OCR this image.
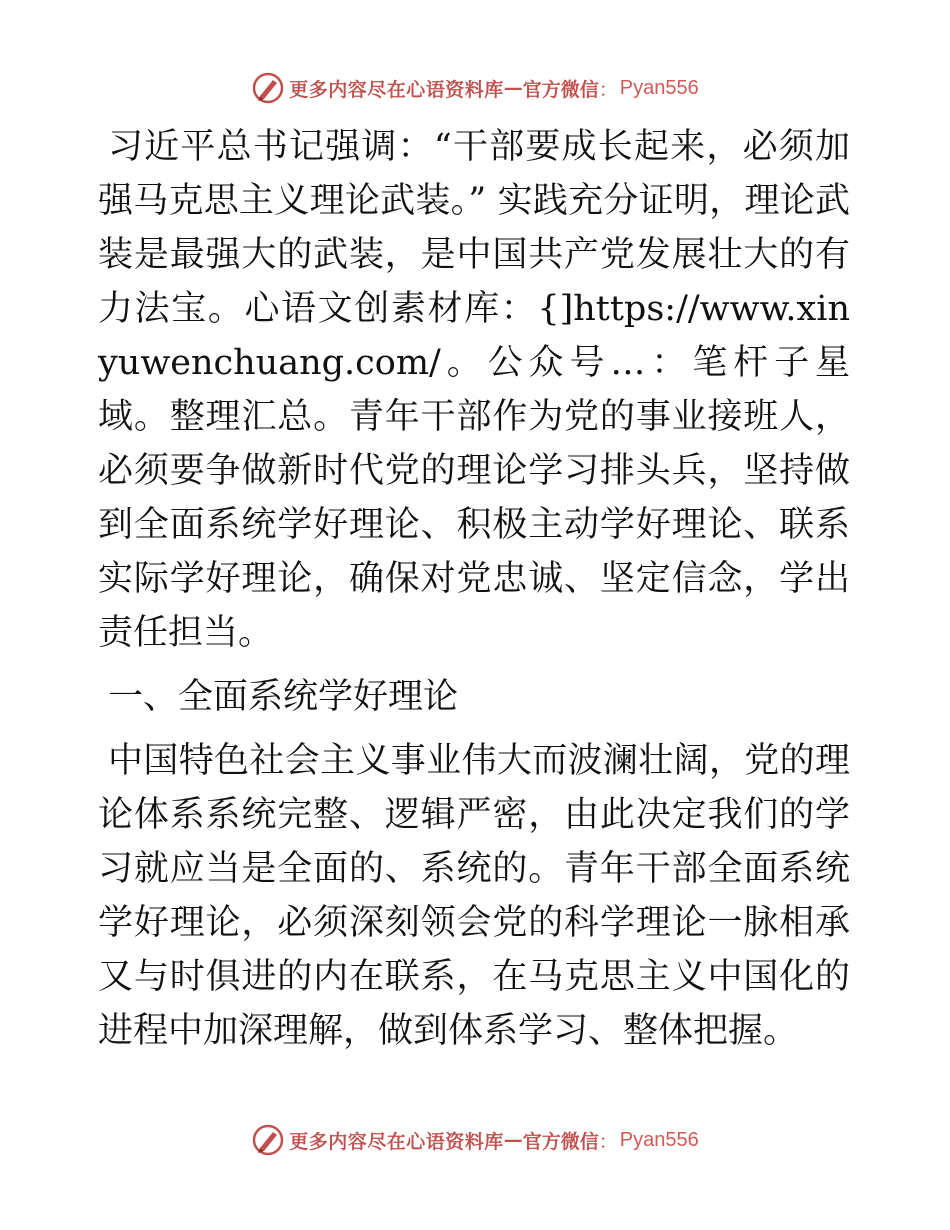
更多内容尽在心语资料库 — 官方微信 ： Pyan556

习近平总书记强调：“干部要成长起来，必须加强马克思主义理论武装。” 实践充分证明，理论武装是最强大的武装，是中国共产党发展壮大的有力法宝。心语文创素材库：{]https://www.xinyuwenchuang.com/。公众号…：笔杆子星域。整理汇总。青年干部作为党的事业接班人，必须要争做新时代党的理论学习排头兵，坚持做到全面系统学好理论、积极主动学好理论、联系实际学好理论，确保对党忠诚、坚定信念，学出责任担当。

一、全面系统学好理论

中国特色社会主义事业伟大而波澜壮阔，党的理论体系系统完整、逻辑严密，由此决定我们的学习就应当是全面的、系统的。青年干部全面系统学好理论，必须深刻领会党的科学理论一脉相承又与时俱进的内在联系，在马克思主义中国化的进程中加深理解，做到体系学习、整体把握。

更多内容尽在心语资料库 — 官方微信 ： Pyan556
